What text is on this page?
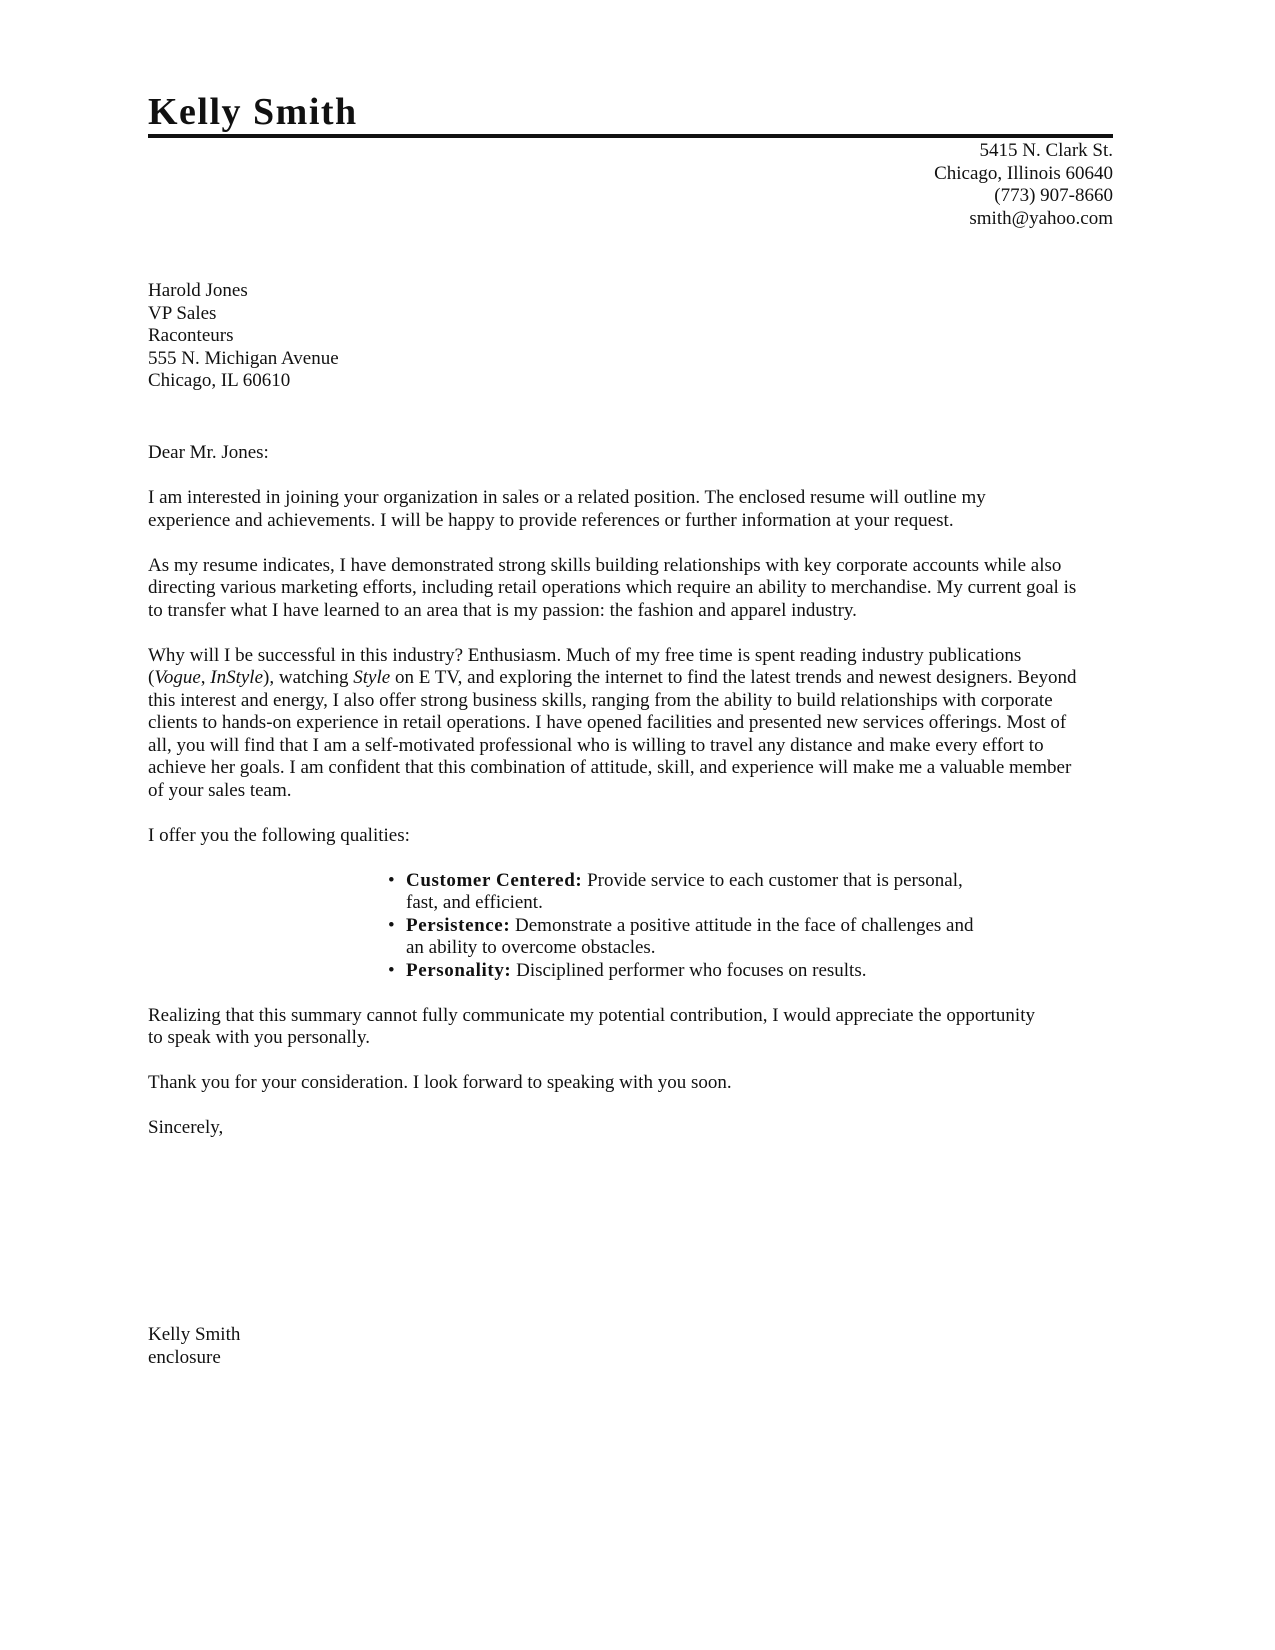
Kelly Smith
5415 N. Clark St.
Chicago, Illinois 60640
(773) 907-8660
smith@yahoo.com
Harold Jones
VP Sales
Raconteurs
555 N. Michigan Avenue
Chicago, IL 60610

Dear Mr. Jones:

I am interested in joining your organization in sales or a related position. The enclosed resume will outline my experience and achievements. I will be happy to provide references or further information at your request.

As my resume indicates, I have demonstrated strong skills building relationships with key corporate accounts while also directing various marketing efforts, including retail operations which require an ability to merchandise. My current goal is to transfer what I have learned to an area that is my passion: the fashion and apparel industry.

Why will I be successful in this industry? Enthusiasm. Much of my free time is spent reading industry publications (Vogue, InStyle), watching Style on E TV, and exploring the internet to find the latest trends and newest designers. Beyond this interest and energy, I also offer strong business skills, ranging from the ability to build relationships with corporate clients to hands-on experience in retail operations. I have opened facilities and presented new services offerings. Most of all, you will find that I am a self-motivated professional who is willing to travel any distance and make every effort to achieve her goals. I am confident that this combination of attitude, skill, and experience will make me a valuable member of your sales team.

I offer you the following qualities:

• Customer Centered: Provide service to each customer that is personal, fast, and efficient.
• Persistence: Demonstrate a positive attitude in the face of challenges and an ability to overcome obstacles.
• Personality: Disciplined performer who focuses on results.

Realizing that this summary cannot fully communicate my potential contribution, I would appreciate the opportunity to speak with you personally.

Thank you for your consideration. I look forward to speaking with you soon.

Sincerely,

Kelly Smith
enclosure
